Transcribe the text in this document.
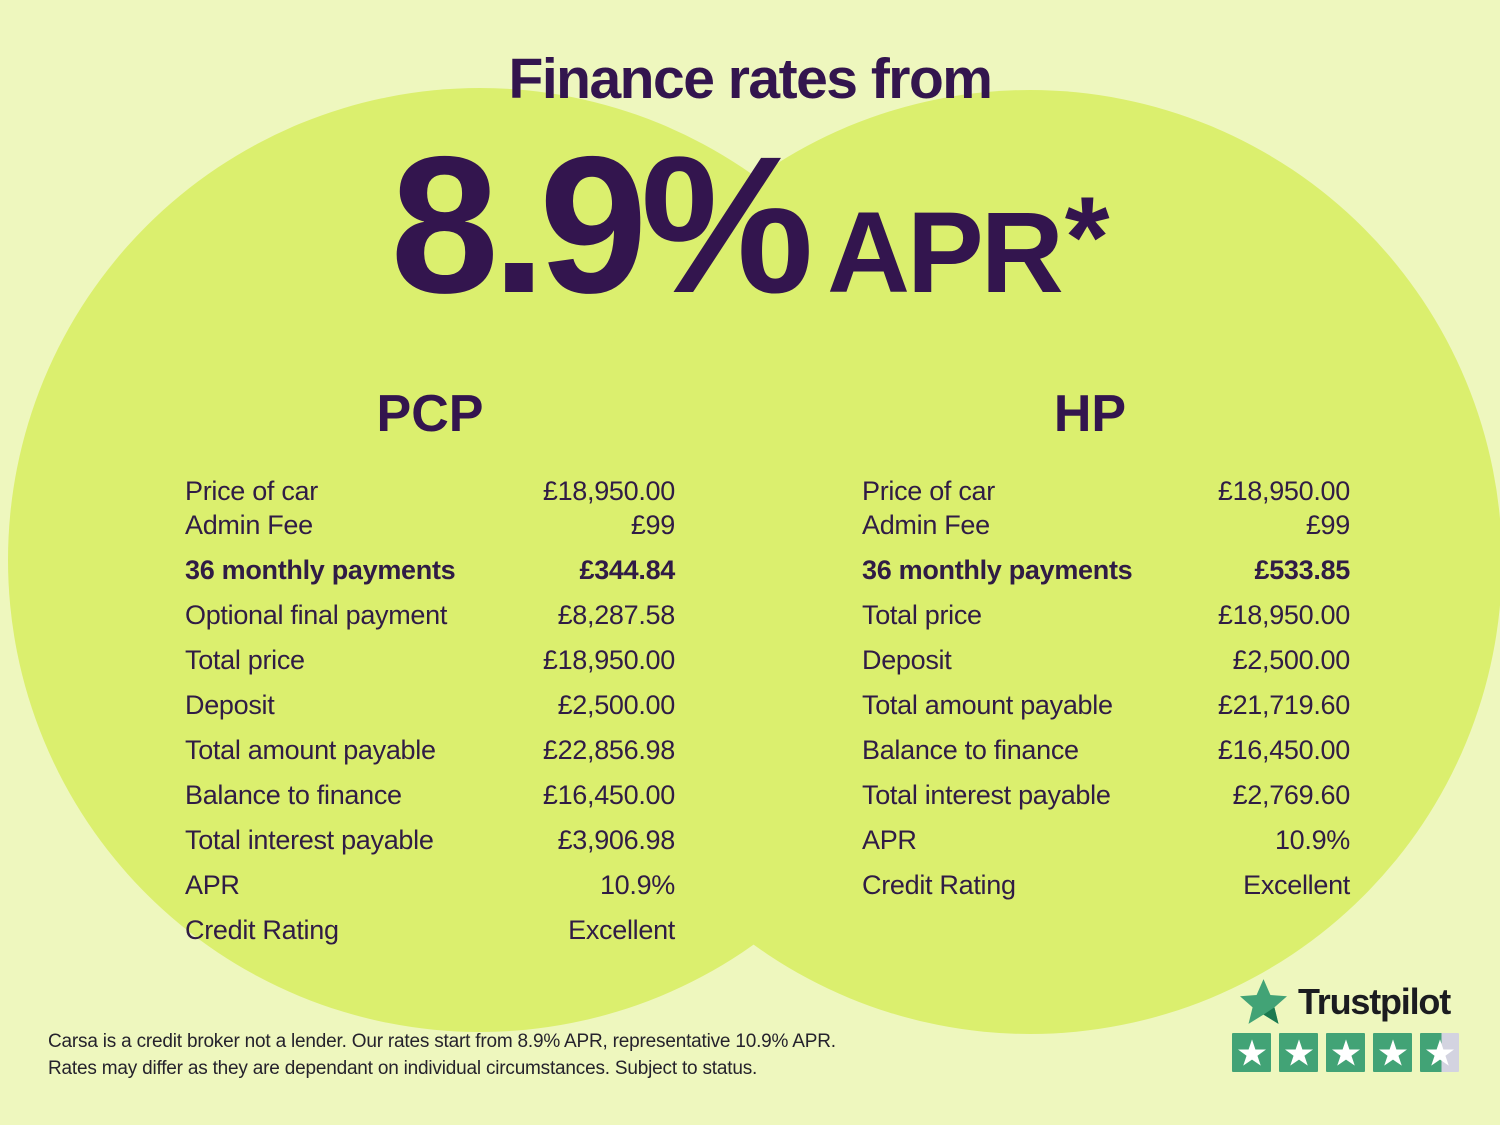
Finance rates from
8.9% APR *
PCP
Price of car	£18,950.00
Admin Fee	£99
36 monthly payments	£344.84
Optional final payment	£8,287.58
Total price	£18,950.00
Deposit	£2,500.00
Total amount payable	£22,856.98
Balance to finance	£16,450.00
Total interest payable	£3,906.98
APR	10.9%
Credit Rating	Excellent
HP
Price of car	£18,950.00
Admin Fee	£99
36 monthly payments	£533.85
Total price	£18,950.00
Deposit	£2,500.00
Total amount payable	£21,719.60
Balance to finance	£16,450.00
Total interest payable	£2,769.60
APR	10.9%
Credit Rating	Excellent
Carsa is a credit broker not a lender. Our rates start from 8.9% APR, representative 10.9% APR.
Rates may differ as they are dependant on individual circumstances. Subject to status.
Trustpilot
